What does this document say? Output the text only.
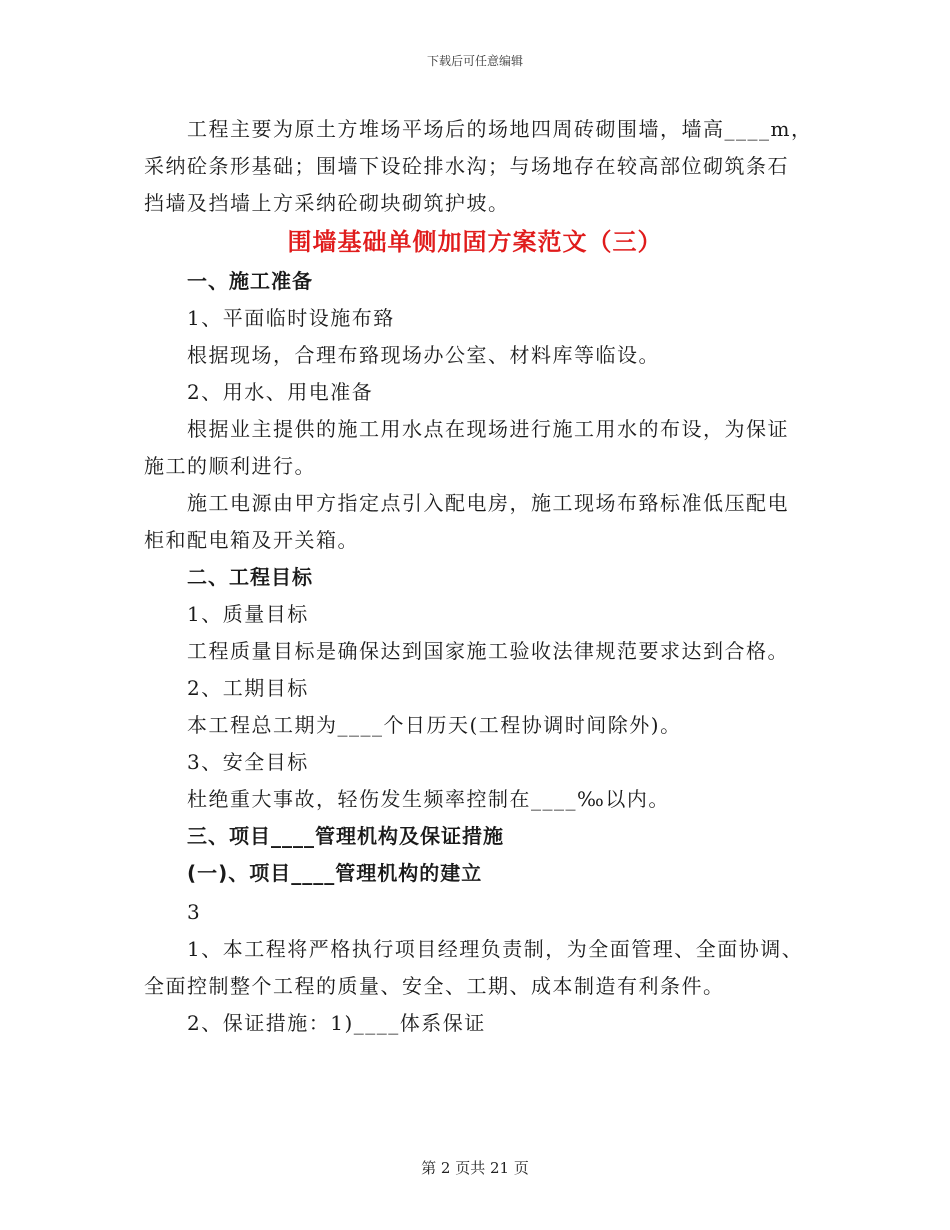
下载后可任意编辑
工程主要为原土方堆场平场后的场地四周砖砌围墙，墙高____m，
采纳砼条形基础；围墙下设砼排水沟；与场地存在较高部位砌筑条石
挡墙及挡墙上方采纳砼砌块砌筑护坡。
围墙基础单侧加固方案范文（三）
一、施工准备
1、平面临时设施布臵
根据现场，合理布臵现场办公室、材料库等临设。
2、用水、用电准备
根据业主提供的施工用水点在现场进行施工用水的布设，为保证
施工的顺利进行。
施工电源由甲方指定点引入配电房，施工现场布臵标准低压配电
柜和配电箱及开关箱。
二、工程目标
1、质量目标
工程质量目标是确保达到国家施工验收法律规范要求达到合格。
2、工期目标
本工程总工期为____个日历天(工程协调时间除外)。
3、安全目标
杜绝重大事故，轻伤发生频率控制在____‰以内。
三、项目____管理机构及保证措施
(一)、项目____管理机构的建立
3
1、本工程将严格执行项目经理负责制，为全面管理、全面协调、
全面控制整个工程的质量、安全、工期、成本制造有利条件。
2、保证措施：1)____体系保证
第 2 页共 21 页
